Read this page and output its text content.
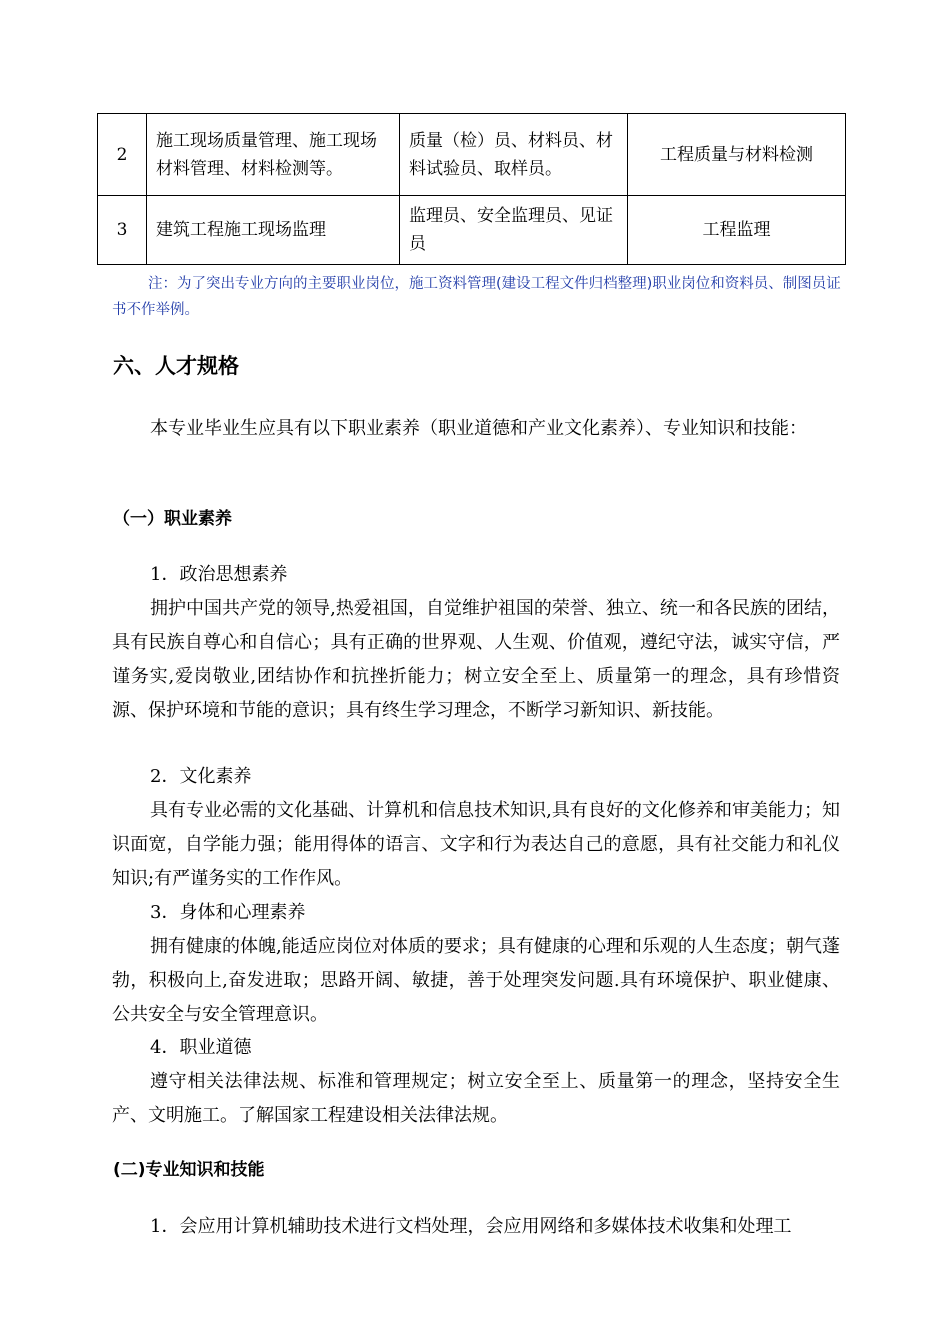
2	施工现场质量管理、施工现场材料管理、材料检测等。	质量（检）员、材料员、材料试验员、取样员。	工程质量与材料检测
3	建筑工程施工现场监理	监理员、安全监理员、见证员	工程监理
注：为了突出专业方向的主要职业岗位，施工资料管理(建设工程文件归档整理)职业岗位和资料员、制图员证书不作举例。
六、人才规格
本专业毕业生应具有以下职业素养（职业道德和产业文化素养）、专业知识和技能：
（一）职业素养
1．政治思想素养
拥护中国共产党的领导,热爱祖国，自觉维护祖国的荣誉、独立、统一和各民族的团结，具有民族自尊心和自信心；具有正确的世界观、人生观、价值观，遵纪守法，诚实守信，严谨务实,爱岗敬业,团结协作和抗挫折能力；树立安全至上、质量第一的理念，具有珍惜资源、保护环境和节能的意识；具有终生学习理念，不断学习新知识、新技能。
2．文化素养
具有专业必需的文化基础、计算机和信息技术知识,具有良好的文化修养和审美能力；知识面宽，自学能力强；能用得体的语言、文字和行为表达自己的意愿，具有社交能力和礼仪知识;有严谨务实的工作作风。
3．身体和心理素养
拥有健康的体魄,能适应岗位对体质的要求；具有健康的心理和乐观的人生态度；朝气蓬勃，积极向上,奋发进取；思路开阔、敏捷，善于处理突发问题.具有环境保护、职业健康、公共安全与安全管理意识。
4．职业道德
遵守相关法律法规、标准和管理规定；树立安全至上、质量第一的理念，坚持安全生产、文明施工。了解国家工程建设相关法律法规。
(二)专业知识和技能
1．会应用计算机辅助技术进行文档处理，会应用网络和多媒体技术收集和处理工
